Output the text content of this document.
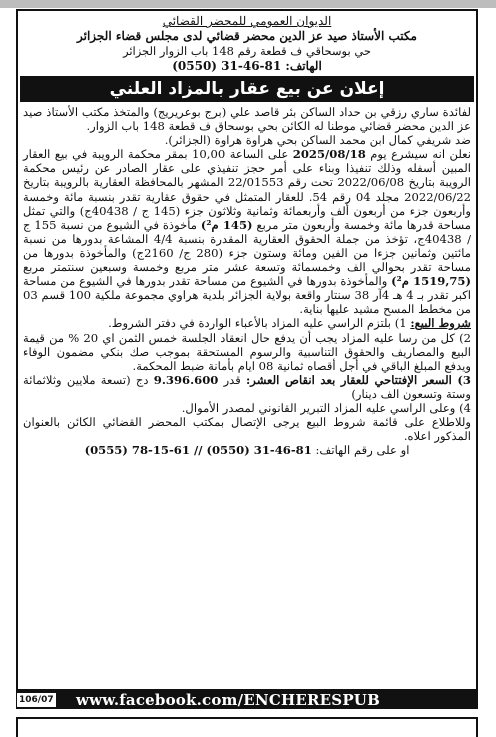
الديوان العمومي للمحضر القضائي
مكتب الأستاذ صيد عز الدين محضر قضائي لدى مجلس قضاء الجزائر
حي بوسحاقي ف قطعة رقم 148 باب الزوار الجزائر
الهاتف: 81-46-31 (0550)
إعلان عن بيع عقار بالمزاد العلني

لفائدة ساري رزقي بن حداد الساكن بئر قاصد علي (برج بوعريريج) والمتخذ مكتب الأستاذ صيد عز الدين محضر قضائي موطنا له الكائن بحي بوسحاق ف قطعة 148 باب الزوار.

ضد شريفي كمال ابن محمد الساكن بحي هراوة هراوة (الجزائر).

نعلن انه سيشرع يوم 2025/08/18 على الساعة 10,00 بمقر محكمة الرويبة في بيع العقار المبين أسفله وذلك تنفيذا وبناء على أمر حجز تنفيذي على عقار الصادر عن رئيس محكمة الرويبة بتاريخ 2022/06/08 تحت رقم 22/01553 المشهر بالمحافظة العقارية بالرويبة بتاريخ 2022/06/22 مجلد 04 رقم 54. للعقار المتمثل في حقوق عقارية تقدر بنسبة مائة وخمسة وأربعون جزء من أربعون ألف وأربعمائة وثمانية وثلاثون جزء (145 ج / 40438ج) والتي تمثل مساحة قدرها مائة وخمسة وأربعون متر مربع (145 م²) مأخوذة في الشيوع من نسبة 155 ج / 40438ج، تؤخذ من جملة الحقوق العقارية المقدرة بنسبة 4/4 المشاعة بدورها من نسبة مائتين وثمانين جزءا من الفين ومائة وستون جزء (280 ج/ 2160ج) والمأخوذة بدورها من مساحة تقدر بحوالي الف وخمسمائة وتسعة عشر متر مربع وخمسة وسبعين سنتمتر مربع (1519,75 م²) والمأخوذة بدورها في الشيوع من مساحة تقدر بدورها في الشيوع من مساحة اكبر تقدر بـ 4 هـ 4آر 38 سنتار واقعة بولاية الجزائر بلدية هراوي مجموعة ملكية 100 قسم 03 من مخطط المسح مشيد عليها بناية.

شروط البيع: 1) بلتزم الراسي عليه المزاد بالأعباء الواردة في دفتر الشروط.

2) كل من رسا عليه المزاد يجب أن يدفع حال انعقاد الجلسة خمس الثمن اي 20 % من قيمة البيع والمصاريف والحقوق التناسبية والرسوم المستحقة بموجب صك بنكي مضمون الوفاء ويدفع المبلغ الباقي في أجل أقصاه ثمانية 08 ايام بأمانة ضبط المحكمة.

3) السعر الإفتتاحي للعقار بعد انقاص العشر: قدر 9.396.600 دج (تسعة ملايين وثلاثمائة وستة وتسعون الف دينار)

4) وعلى الراسي عليه المزاد التبرير القانوني لمصدر الأموال.

وللاطلاع على قائمة شروط البيع يرجى الإتصال بمكتب المحضر القضائي الكائن بالعنوان المذكور اعلاه.

او على رقم الهاتف: 81-46-31 (0550) // 61-15-78 (0555)

106/07 www.facebook.com/ENCHERESPUB
